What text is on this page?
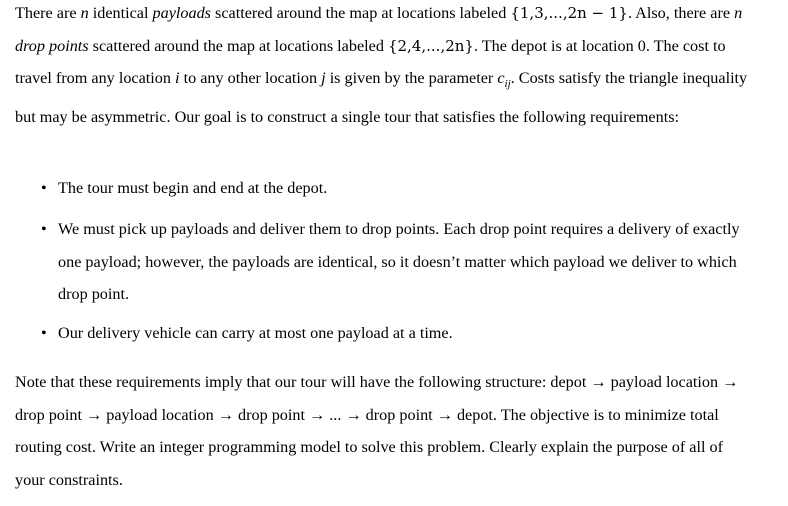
There are n identical payloads scattered around the map at locations labeled {1,3,...,2n − 1}. Also, there are n drop points scattered around the map at locations labeled {2,4,...,2n}. The depot is at location 0. The cost to travel from any location i to any other location j is given by the parameter $c_{ij}$. Costs satisfy the triangle inequality but may be asymmetric. Our goal is to construct a single tour that satisfies the following requirements:
• The tour must begin and end at the depot.
• We must pick up payloads and deliver them to drop points. Each drop point requires a delivery of exactly one payload; however, the payloads are identical, so it doesn’t matter which payload we deliver to which drop point.
• Our delivery vehicle can carry at most one payload at a time.
Note that these requirements imply that our tour will have the following structure: depot → payload location → drop point → payload location → drop point → ... → drop point → depot. The objective is to minimize total routing cost. Write an integer programming model to solve this problem. Clearly explain the purpose of all of your constraints.
